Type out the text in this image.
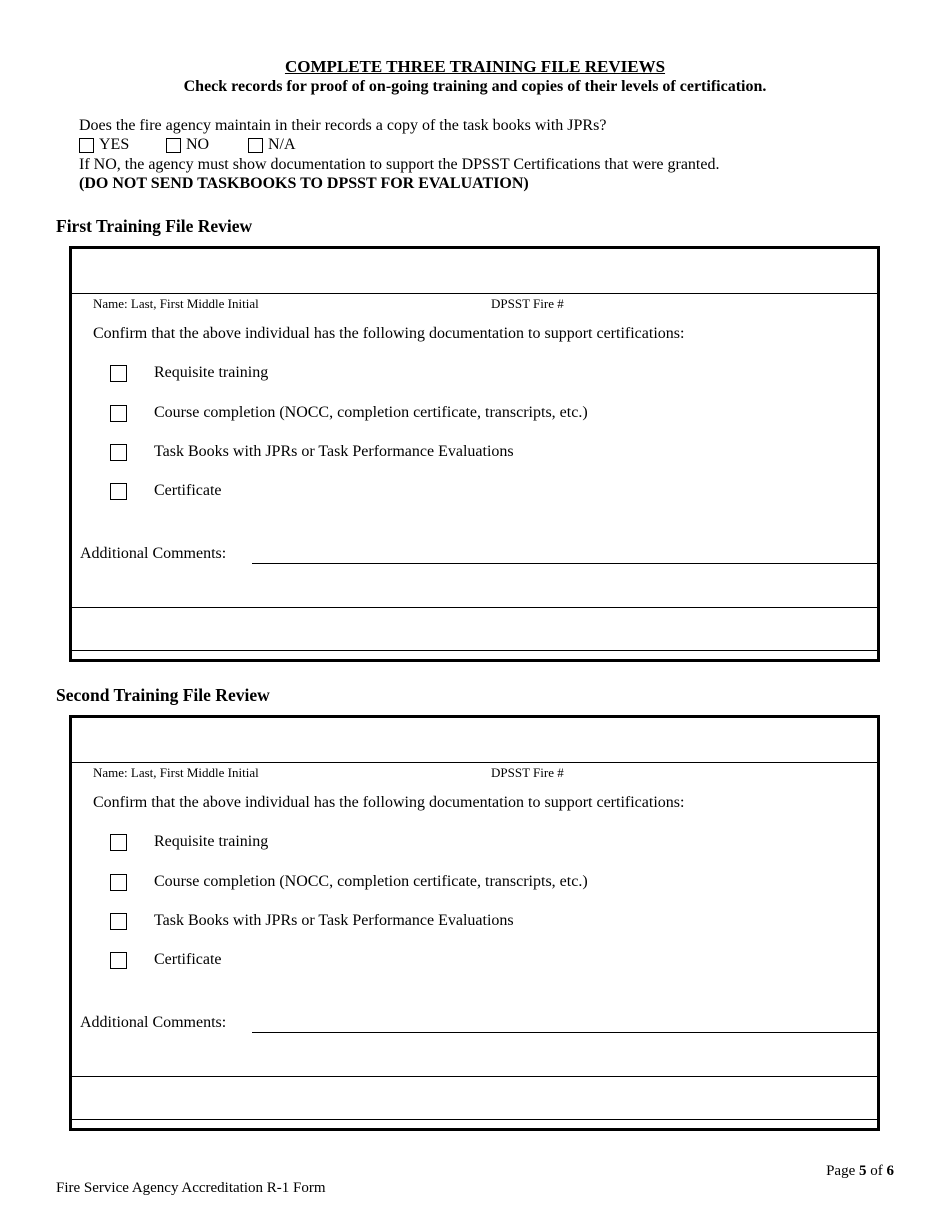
COMPLETE THREE TRAINING FILE REVIEWS
Check records for proof of on-going training and copies of their levels of certification.
Does the fire agency maintain in their records a copy of the task books with JPRs?
YES	NO	N/A
If NO, the agency must show documentation to support the DPSST Certifications that were granted.
(DO NOT SEND TASKBOOKS TO DPSST FOR EVALUATION)
First Training File Review
Name: Last, First Middle Initial	DPSST Fire #
Confirm that the above individual has the following documentation to support certifications:
Requisite training
Course completion (NOCC, completion certificate, transcripts, etc.)
Task Books with JPRs or Task Performance Evaluations
Certificate
Additional Comments:
Second Training File Review
Name: Last, First Middle Initial	DPSST Fire #
Confirm that the above individual has the following documentation to support certifications:
Requisite training
Course completion (NOCC, completion certificate, transcripts, etc.)
Task Books with JPRs or Task Performance Evaluations
Certificate
Additional Comments:
Page 5 of 6
Fire Service Agency Accreditation R-1 Form
